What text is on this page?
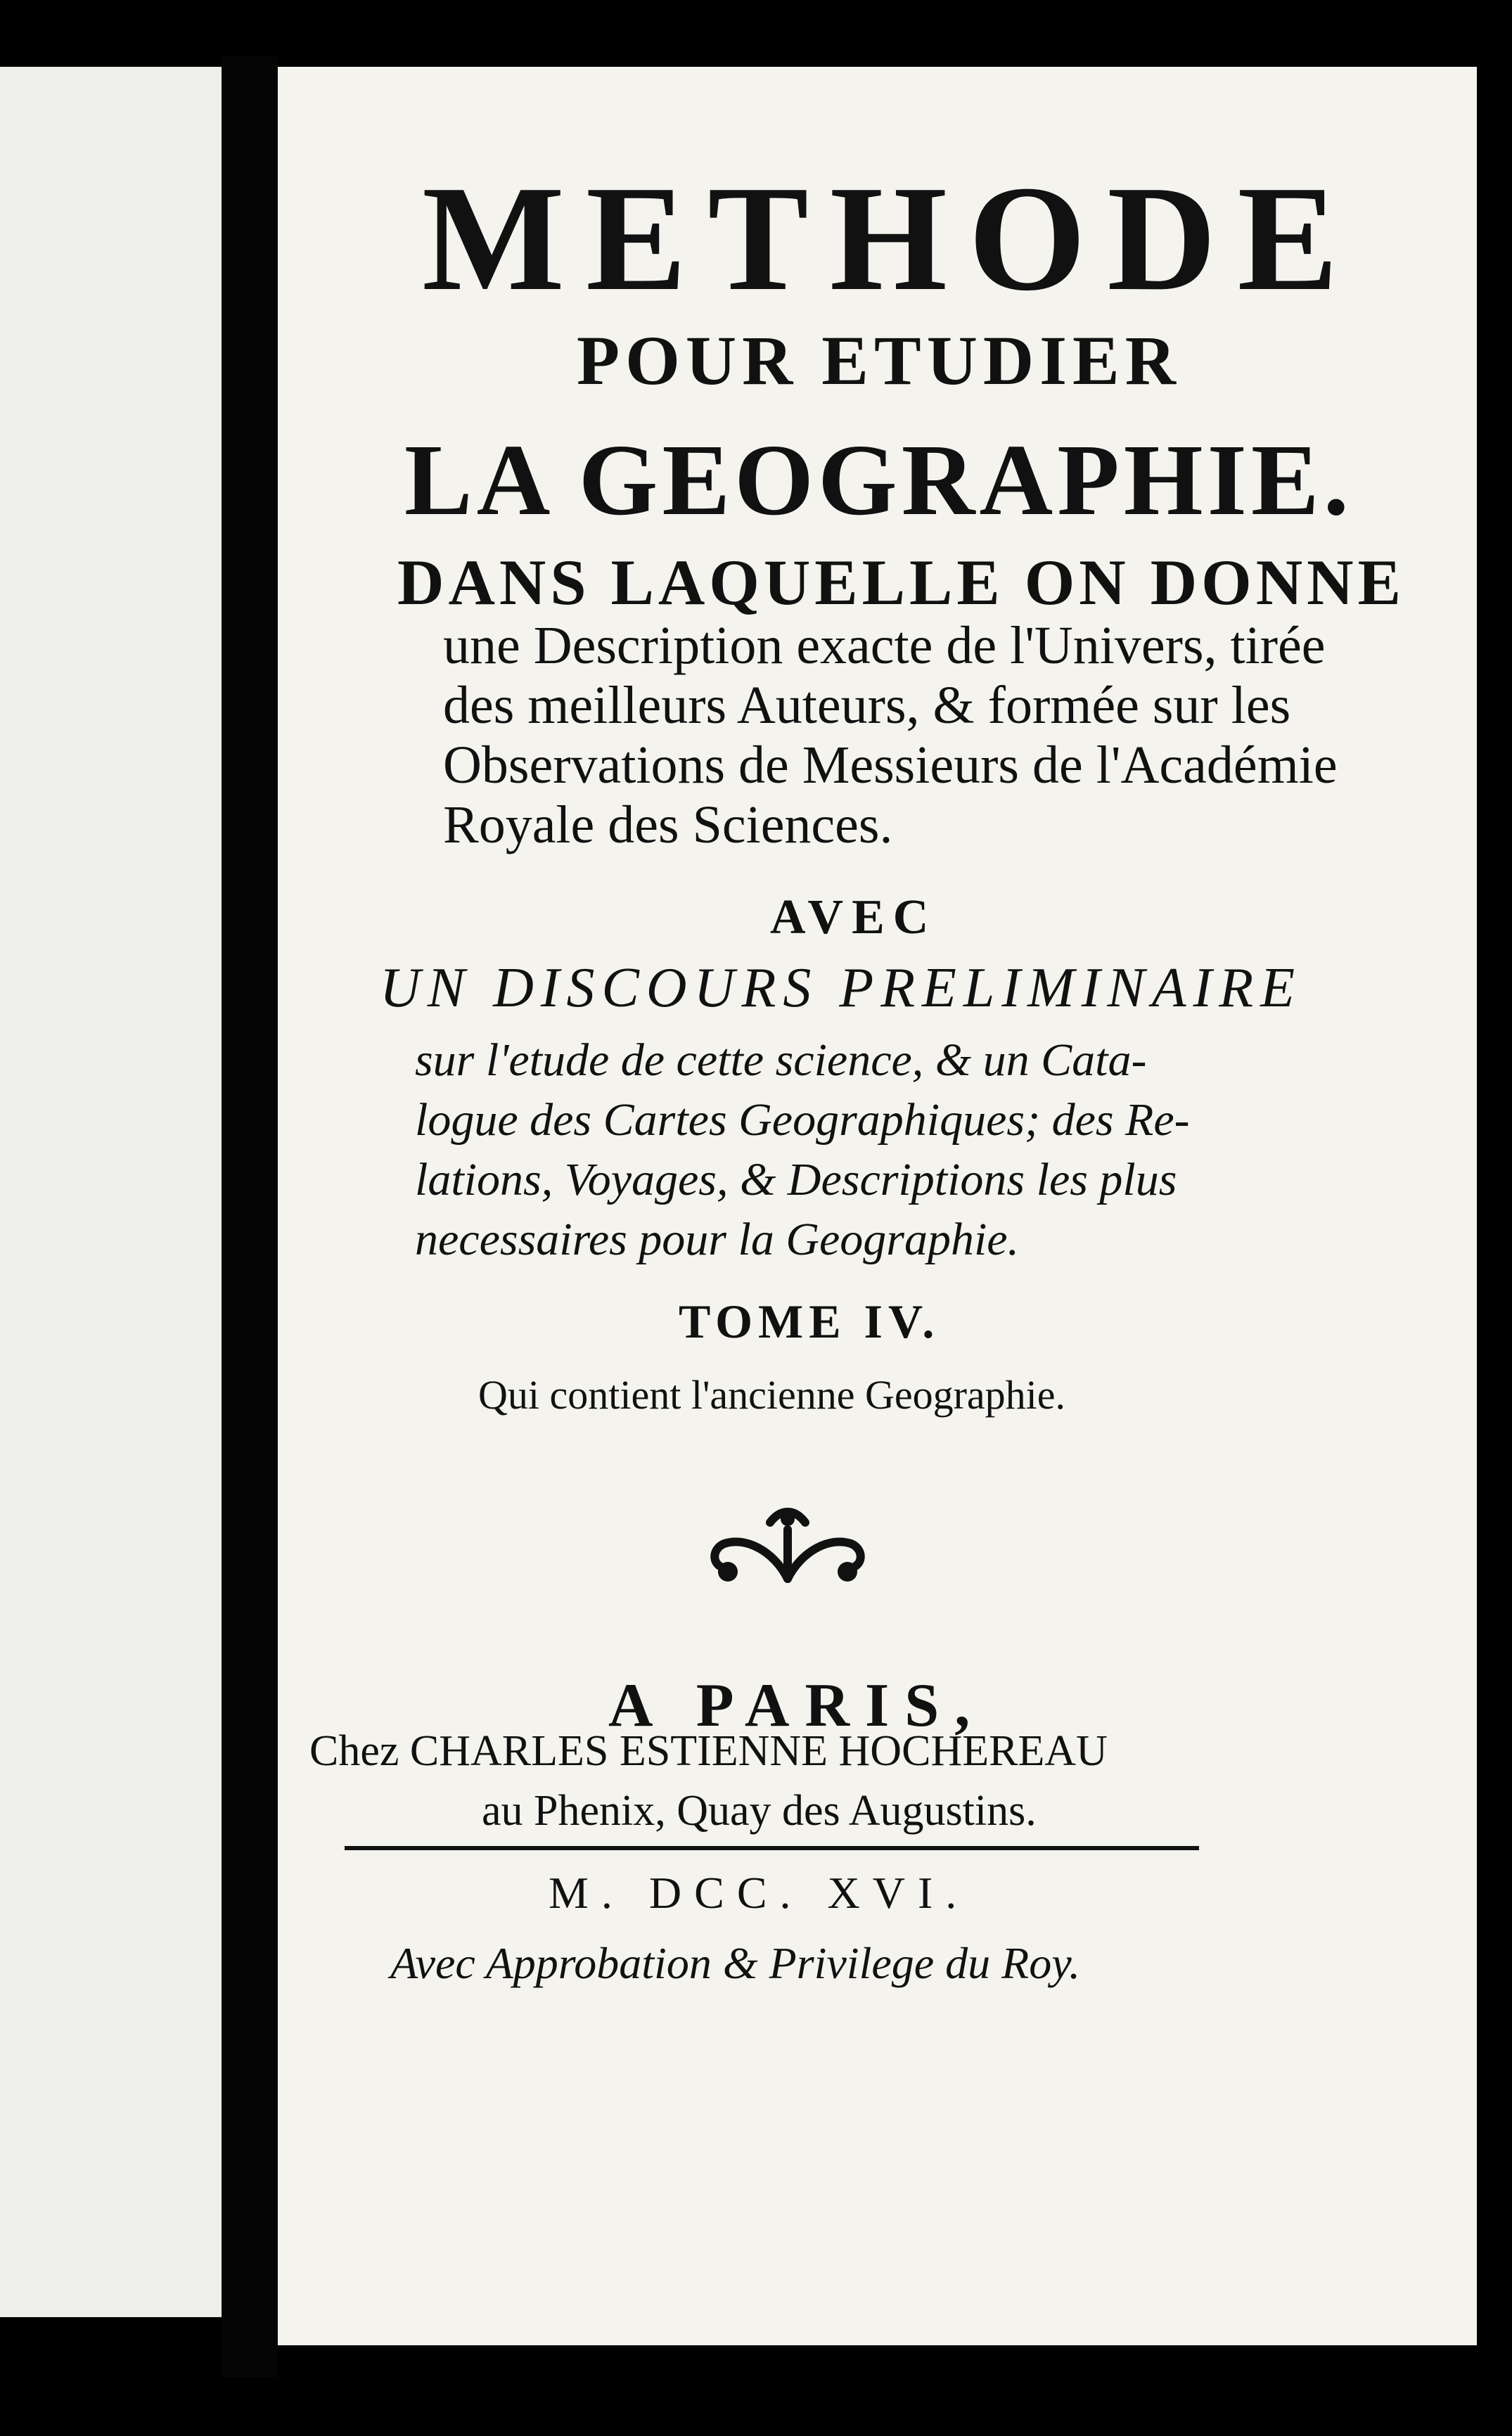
METHODE
POUR ETUDIER
LA GEOGRAPHIE.
DANS LAQUELLE ON DONNE
une Description exacte de l'Univers, tirée
des meilleurs Auteurs, & formée sur les
Observations de Messieurs de l'Académie
Royale des Sciences.
AVEC
UN DISCOURS PRELIMINAIRE
sur l'etude de cette science, & un Cata-
logue des Cartes Geographiques; des Re-
lations, Voyages, & Descriptions les plus
necessaires pour la Geographie.
TOME IV.
Qui contient l'ancienne Geographie.
A PARIS,
Chez CHARLES ESTIENNE HOCHEREAU
au Phenix, Quay des Augustins.
M. DCC. XVI.
Avec Approbation & Privilege du Roy.
